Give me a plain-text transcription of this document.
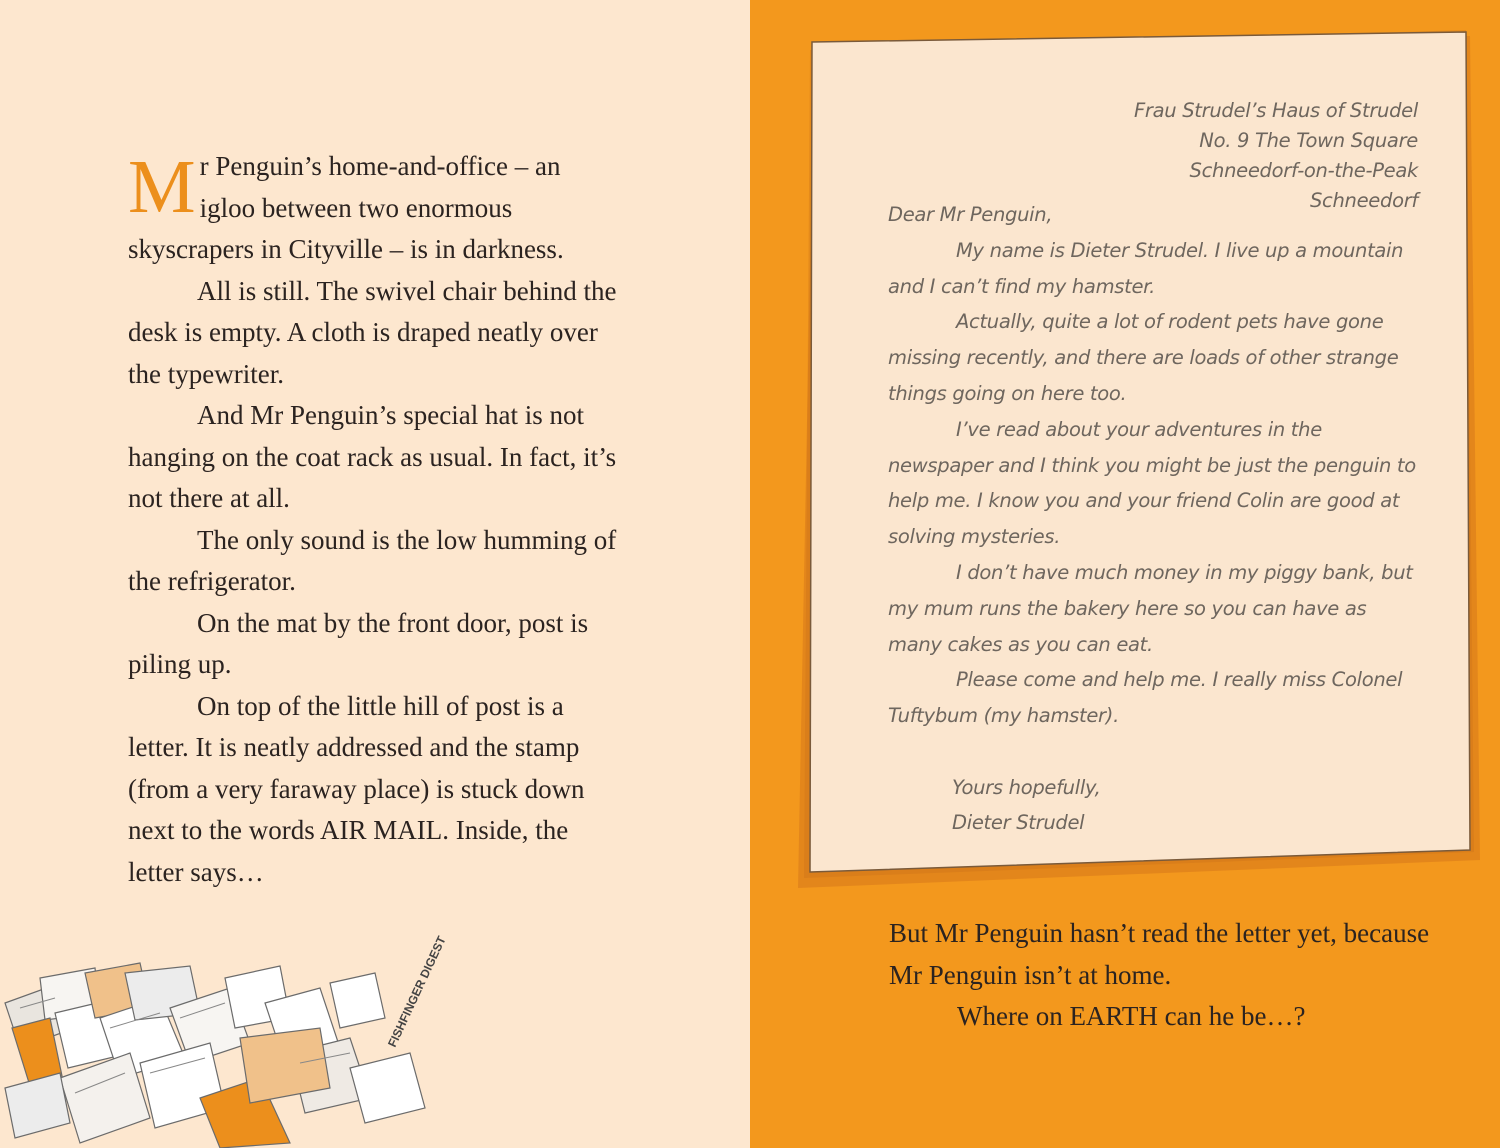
Mr Penguin’s home-and-office – an igloo between two enormous skyscrapers in Cityville – is in darkness.

All is still. The swivel chair behind the desk is empty. A cloth is draped neatly over the typewriter.

And Mr Penguin’s special hat is not hanging on the coat rack as usual. In fact, it’s not there at all.

The only sound is the low humming of the refrigerator.

On the mat by the front door, post is piling up.

On top of the little hill of post is a letter. It is neatly addressed and the stamp (from a very faraway place) is stuck down next to the words AIR MAIL. Inside, the letter says…

FISHFINGER DIGEST
Frau Strudel’s Haus of Strudel
No. 9 The Town Square
Schneedorf-on-the-Peak
Schneedorf
Dear Mr Penguin,

My name is Dieter Strudel. I live up a mountain and I can’t find my hamster.

Actually, quite a lot of rodent pets have gone missing recently, and there are loads of other strange things going on here too.

I’ve read about your adventures in the newspaper and I think you might be just the penguin to help me. I know you and your friend Colin are good at solving mysteries.

I don’t have much money in my piggy bank, but my mum runs the bakery here so you can have as many cakes as you can eat.

Please come and help me. I really miss Colonel Tuftybum (my hamster).

Yours hopefully,
Dieter Strudel

But Mr Penguin hasn’t read the letter yet, because Mr Penguin isn’t at home.

Where on EARTH can he be…?
